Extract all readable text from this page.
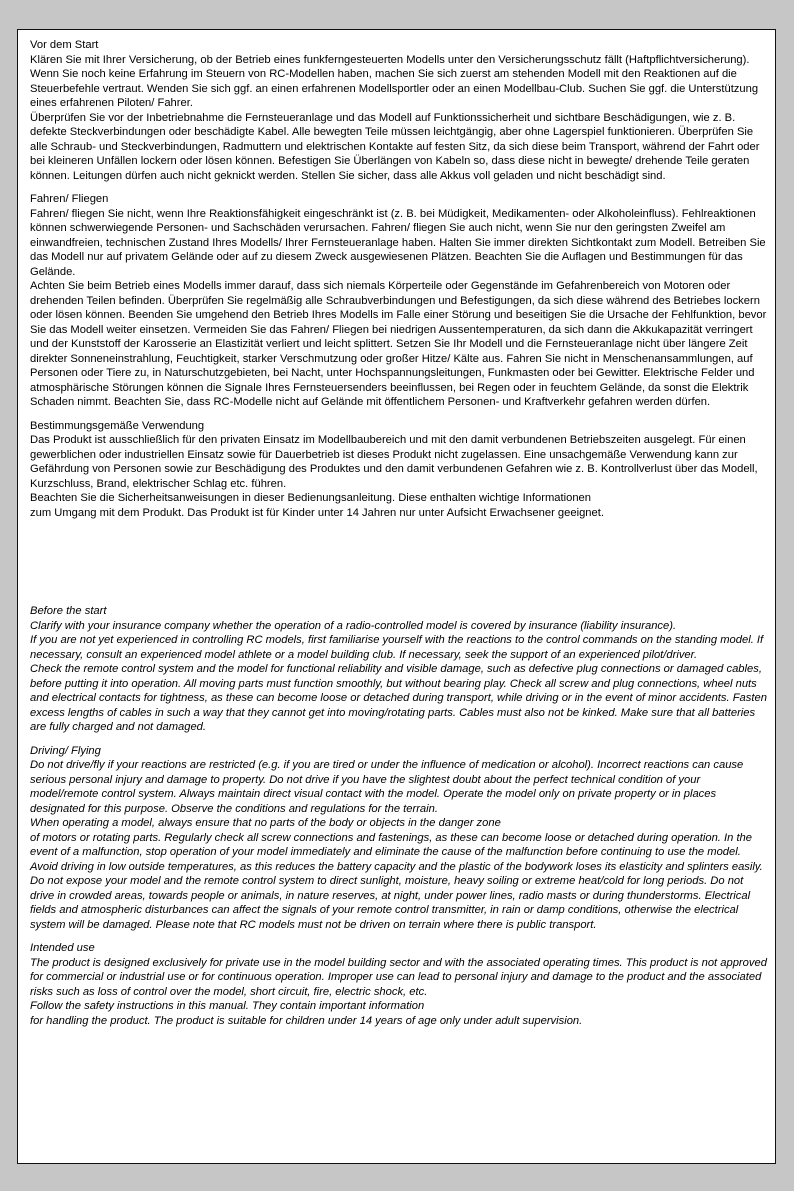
Vor dem Start

Klären Sie mit Ihrer Versicherung, ob der Betrieb eines funkferngesteuerten Modells unter den Versicherungsschutz fällt (Haftpflichtversicherung).

Wenn Sie noch keine Erfahrung im Steuern von RC-Modellen haben, machen Sie sich zuerst am stehenden Modell mit den Reaktionen auf die Steuerbefehle vertraut. Wenden Sie sich ggf. an einen erfahrenen Modellsportler oder an einen Modellbau-Club. Suchen Sie ggf. die Unterstützung eines erfahrenen Piloten/ Fahrer.

Überprüfen Sie vor der Inbetriebnahme die Fernsteueranlage und das Modell auf Funktionssicherheit und sichtbare Beschädigungen, wie z. B. defekte Steckverbindungen oder beschädigte Kabel. Alle bewegten Teile müssen leichtgängig, aber ohne Lagerspiel funktionieren. Überprüfen Sie alle Schraub- und Steckverbindungen, Radmuttern und elektrischen Kontakte auf festen Sitz, da sich diese beim Transport, während der Fahrt oder bei kleineren Unfällen lockern oder lösen können. Befestigen Sie Überlängen von Kabeln so, dass diese nicht in bewegte/ drehende Teile geraten können. Leitungen dürfen auch nicht geknickt werden. Stellen Sie sicher, dass alle Akkus voll geladen und nicht beschädigt sind.

Fahren/ Fliegen

Fahren/ fliegen Sie nicht, wenn Ihre Reaktionsfähigkeit eingeschränkt ist (z. B. bei Müdigkeit, Medikamenten- oder Alkoholeinfluss). Fehlreaktionen können schwerwiegende Personen- und Sachschäden verursachen. Fahren/ fliegen Sie auch nicht, wenn Sie nur den geringsten Zweifel am einwandfreien, technischen Zustand Ihres Modells/ Ihrer Fernsteueranlage haben. Halten Sie immer direkten Sichtkontakt zum Modell. Betreiben Sie das Modell nur auf privatem Gelände oder auf zu diesem Zweck ausgewiesenen Plätzen. Beachten Sie die Auflagen und Bestimmungen für das Gelände.

Achten Sie beim Betrieb eines Modells immer darauf, dass sich niemals Körperteile oder Gegenstände im Gefahrenbereich von Motoren oder drehenden Teilen befinden. Überprüfen Sie regelmäßig alle Schraubverbindungen und Befestigungen, da sich diese während des Betriebes lockern oder lösen können. Beenden Sie umgehend den Betrieb Ihres Modells im Falle einer Störung und beseitigen Sie die Ursache der Fehlfunktion, bevor Sie das Modell weiter einsetzen. Vermeiden Sie das Fahren/ Fliegen bei niedrigen Aussentemperaturen, da sich dann die Akkukapazität verringert und der Kunststoff der Karosserie an Elastizität verliert und leicht splittert. Setzen Sie Ihr Modell und die Fernsteueranlage nicht über längere Zeit direkter Sonneneinstrahlung, Feuchtigkeit, starker Verschmutzung oder großer Hitze/ Kälte aus. Fahren Sie nicht in Menschenansammlungen, auf Personen oder Tiere zu, in Naturschutzgebieten, bei Nacht, unter Hochspannungsleitungen, Funkmasten oder bei Gewitter. Elektrische Felder und atmosphärische Störungen können die Signale Ihres Fernsteuersenders beeinflussen, bei Regen oder in feuchtem Gelände, da sonst die Elektrik Schaden nimmt. Beachten Sie, dass RC-Modelle nicht auf Gelände mit öffentlichem Personen- und Kraftverkehr gefahren werden dürfen.

Bestimmungsgemäße Verwendung

Das Produkt ist ausschließlich für den privaten Einsatz im Modellbaubereich und mit den damit verbundenen Betriebszeiten ausgelegt. Für einen gewerblichen oder industriellen Einsatz sowie für Dauerbetrieb ist dieses Produkt nicht zugelassen. Eine unsachgemäße Verwendung kann zur Gefährdung von Personen sowie zur Beschädigung des Produktes und den damit verbundenen Gefahren wie z. B. Kontrollverlust über das Modell, Kurzschluss, Brand, elektrischer Schlag etc. führen.

Beachten Sie die Sicherheitsanweisungen in dieser Bedienungsanleitung. Diese enthalten wichtige Informationen

zum Umgang mit dem Produkt. Das Produkt ist für Kinder unter 14 Jahren nur unter Aufsicht Erwachsener geeignet.

Before the start

Clarify with your insurance company whether the operation of a radio-controlled model is covered by insurance (liability insurance).

If you are not yet experienced in controlling RC models, first familiarise yourself with the reactions to the control commands on the standing model. If necessary, consult an experienced model athlete or a model building club. If necessary, seek the support of an experienced pilot/driver.

Check the remote control system and the model for functional reliability and visible damage, such as defective plug connections or damaged cables, before putting it into operation. All moving parts must function smoothly, but without bearing play. Check all screw and plug connections, wheel nuts and electrical contacts for tightness, as these can become loose or detached during transport, while driving or in the event of minor accidents. Fasten excess lengths of cables in such a way that they cannot get into moving/rotating parts. Cables must also not be kinked. Make sure that all batteries are fully charged and not damaged.

Driving/ Flying

Do not drive/fly if your reactions are restricted (e.g. if you are tired or under the influence of medication or alcohol). Incorrect reactions can cause serious personal injury and damage to property. Do not drive if you have the slightest doubt about the perfect technical condition of your model/remote control system. Always maintain direct visual contact with the model. Operate the model only on private property or in places designated for this purpose. Observe the conditions and regulations for the terrain.

When operating a model, always ensure that no parts of the body or objects in the danger zone

of motors or rotating parts. Regularly check all screw connections and fastenings, as these can become loose or detached during operation. In the event of a malfunction, stop operation of your model immediately and eliminate the cause of the malfunction before continuing to use the model. Avoid driving in low outside temperatures, as this reduces the battery capacity and the plastic of the bodywork loses its elasticity and splinters easily. Do not expose your model and the remote control system to direct sunlight, moisture, heavy soiling or extreme heat/cold for long periods. Do not drive in crowded areas, towards people or animals, in nature reserves, at night, under power lines, radio masts or during thunderstorms. Electrical fields and atmospheric disturbances can affect the signals of your remote control transmitter, in rain or damp conditions, otherwise the electrical system will be damaged. Please note that RC models must not be driven on terrain where there is public transport.

Intended use

The product is designed exclusively for private use in the model building sector and with the associated operating times. This product is not approved for commercial or industrial use or for continuous operation. Improper use can lead to personal injury and damage to the product and the associated risks such as loss of control over the model, short circuit, fire, electric shock, etc.

Follow the safety instructions in this manual. They contain important information

for handling the product. The product is suitable for children under 14 years of age only under adult supervision.
